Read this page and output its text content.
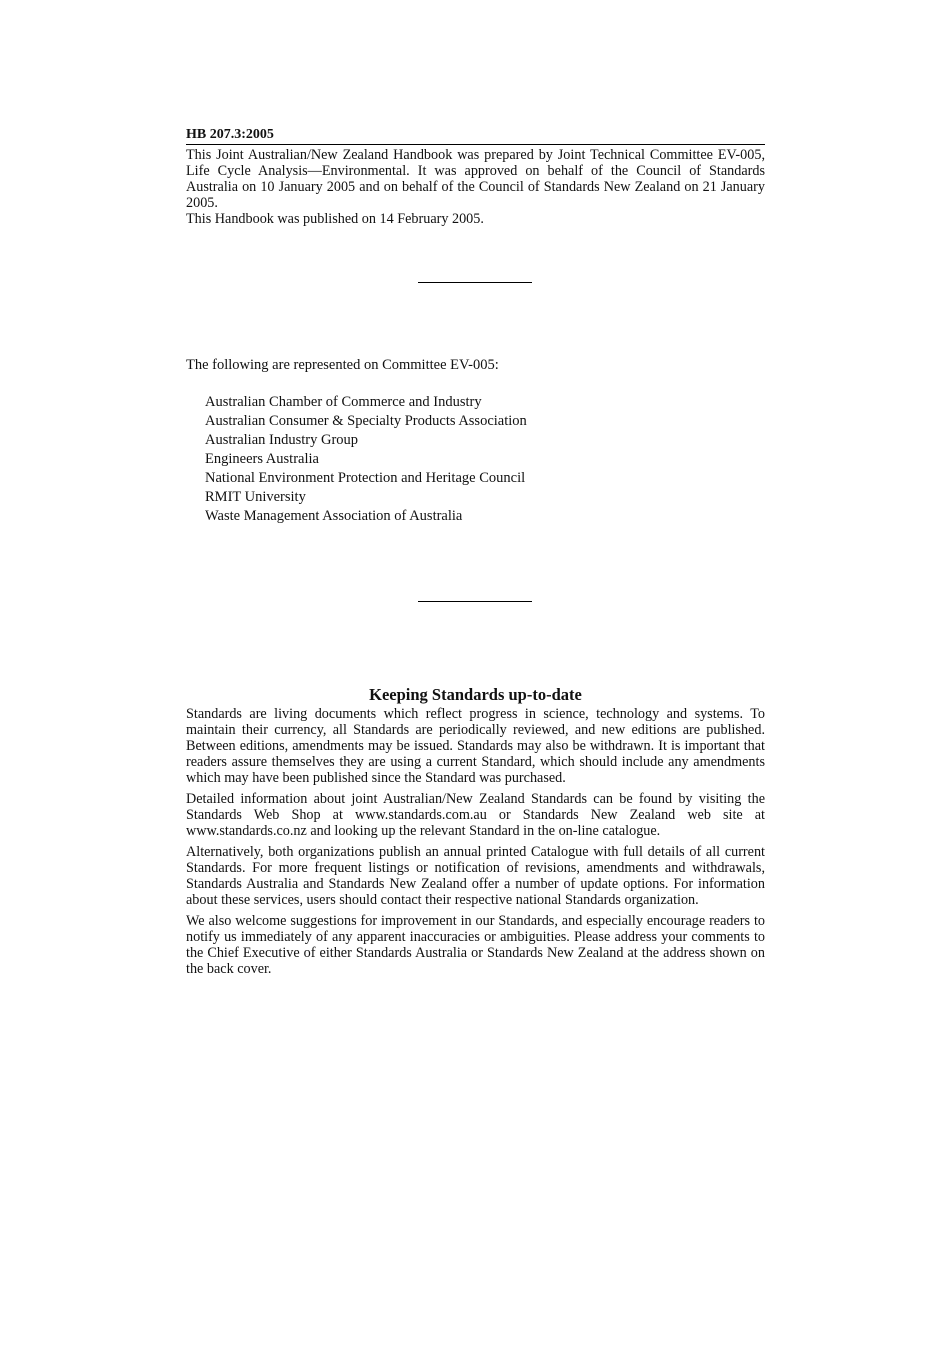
HB 207.3:2005

This Joint Australian/New Zealand Handbook was prepared by Joint Technical Committee EV-005, Life Cycle Analysis—Environmental. It was approved on behalf of the Council of Standards Australia on 10 January 2005 and on behalf of the Council of Standards New Zealand on 21 January 2005.

This Handbook was published on 14 February 2005.

The following are represented on Committee EV-005:

Australian Chamber of Commerce and Industry
Australian Consumer & Specialty Products Association
Australian Industry Group
Engineers Australia
National Environment Protection and Heritage Council
RMIT University
Waste Management Association of Australia
Keeping Standards up-to-date

Standards are living documents which reflect progress in science, technology and systems. To maintain their currency, all Standards are periodically reviewed, and new editions are published. Between editions, amendments may be issued. Standards may also be withdrawn. It is important that readers assure themselves they are using a current Standard, which should include any amendments which may have been published since the Standard was purchased.

Detailed information about joint Australian/New Zealand Standards can be found by visiting the Standards Web Shop at www.standards.com.au or Standards New Zealand web site at www.standards.co.nz and looking up the relevant Standard in the on-line catalogue.

Alternatively, both organizations publish an annual printed Catalogue with full details of all current Standards. For more frequent listings or notification of revisions, amendments and withdrawals, Standards Australia and Standards New Zealand offer a number of update options. For information about these services, users should contact their respective national Standards organization.

We also welcome suggestions for improvement in our Standards, and especially encourage readers to notify us immediately of any apparent inaccuracies or ambiguities. Please address your comments to the Chief Executive of either Standards Australia or Standards New Zealand at the address shown on the back cover.
